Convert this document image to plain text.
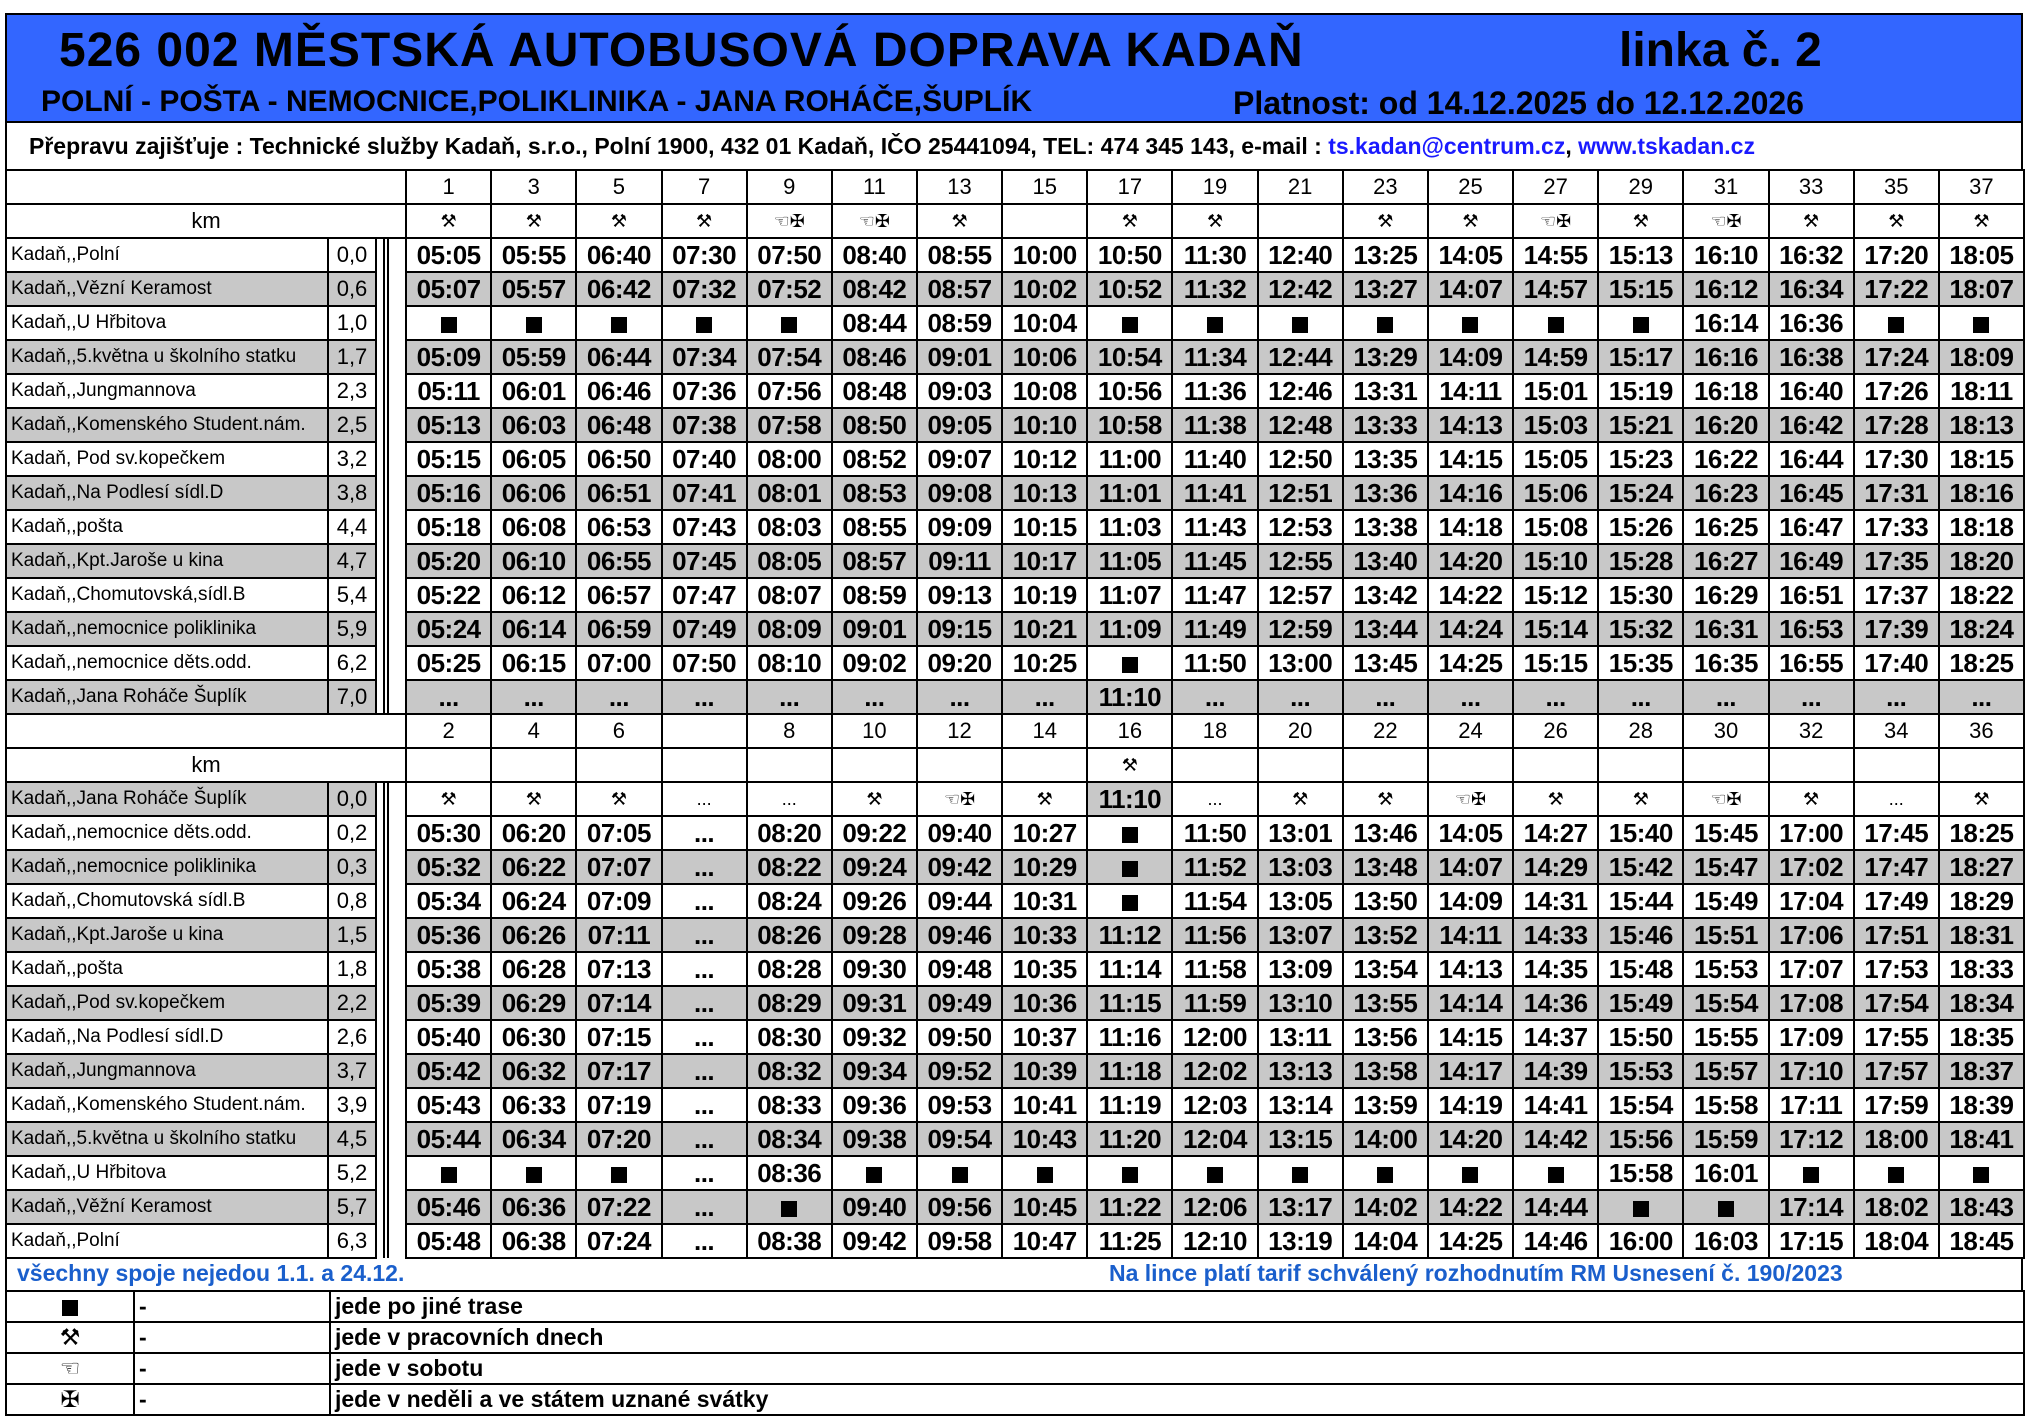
526 002 MĚSTSKÁ AUTOBUSOVÁ DOPRAVA KADAŇ	linka č. 2
POLNÍ - POŠTA - NEMOCNICE,POLIKLINIKA - JANA ROHÁČE,ŠUPLÍK	Platnost: od 14.12.2025 do 12.12.2026
Přepravu zajišťuje : Technické služby Kadaň, s.r.o., Polní 1900, 432 01 Kadaň, IČO 25441094, TEL: 474 345 143, e-mail : ts.kadan@centrum.cz, www.tskadan.cz
			1	3	5	7	9	11	13	15	17	19	21	23	25	27	29	31	33	35	37
km			⚒	⚒	⚒	⚒	☜✠	☜✠	⚒		⚒	⚒		⚒	⚒	☜✠	⚒	☜✠	⚒	⚒	⚒
Kadaň,,Polní	0,0		05:05	05:55	06:40	07:30	07:50	08:40	08:55	10:00	10:50	11:30	12:40	13:25	14:05	14:55	15:13	16:10	16:32	17:20	18:05
Kadaň,,Vězní Keramost	0,6		05:07	05:57	06:42	07:32	07:52	08:42	08:57	10:02	10:52	11:32	12:42	13:27	14:07	14:57	15:15	16:12	16:34	17:22	18:07
Kadaň,,U Hřbitova	1,0							08:44	08:59	10:04								16:14	16:36		
Kadaň,,5.května u školního statku	1,7		05:09	05:59	06:44	07:34	07:54	08:46	09:01	10:06	10:54	11:34	12:44	13:29	14:09	14:59	15:17	16:16	16:38	17:24	18:09
Kadaň,,Jungmannova	2,3		05:11	06:01	06:46	07:36	07:56	08:48	09:03	10:08	10:56	11:36	12:46	13:31	14:11	15:01	15:19	16:18	16:40	17:26	18:11
Kadaň,,Komenského Student.nám.	2,5		05:13	06:03	06:48	07:38	07:58	08:50	09:05	10:10	10:58	11:38	12:48	13:33	14:13	15:03	15:21	16:20	16:42	17:28	18:13
Kadaň, Pod sv.kopečkem	3,2		05:15	06:05	06:50	07:40	08:00	08:52	09:07	10:12	11:00	11:40	12:50	13:35	14:15	15:05	15:23	16:22	16:44	17:30	18:15
Kadaň,,Na Podlesí sídl.D	3,8		05:16	06:06	06:51	07:41	08:01	08:53	09:08	10:13	11:01	11:41	12:51	13:36	14:16	15:06	15:24	16:23	16:45	17:31	18:16
Kadaň,,pošta	4,4		05:18	06:08	06:53	07:43	08:03	08:55	09:09	10:15	11:03	11:43	12:53	13:38	14:18	15:08	15:26	16:25	16:47	17:33	18:18
Kadaň,,Kpt.Jaroše u kina	4,7		05:20	06:10	06:55	07:45	08:05	08:57	09:11	10:17	11:05	11:45	12:55	13:40	14:20	15:10	15:28	16:27	16:49	17:35	18:20
Kadaň,,Chomutovská,sídl.B	5,4		05:22	06:12	06:57	07:47	08:07	08:59	09:13	10:19	11:07	11:47	12:57	13:42	14:22	15:12	15:30	16:29	16:51	17:37	18:22
Kadaň,,nemocnice poliklinika	5,9		05:24	06:14	06:59	07:49	08:09	09:01	09:15	10:21	11:09	11:49	12:59	13:44	14:24	15:14	15:32	16:31	16:53	17:39	18:24
Kadaň,,nemocnice děts.odd.	6,2		05:25	06:15	07:00	07:50	08:10	09:02	09:20	10:25		11:50	13:00	13:45	14:25	15:15	15:35	16:35	16:55	17:40	18:25
Kadaň,,Jana Roháče Šuplík	7,0		...	...	...	...	...	...	...	...	11:10	...	...	...	...	...	...	...	...	...	...
			2	4	6		8	10	12	14	16	18	20	22	24	26	28	30	32	34	36
km											⚒										
Kadaň,,Jana Roháče Šuplík	0,0		⚒	⚒	⚒	...	...	⚒	☜✠	⚒	11:10	...	⚒	⚒	☜✠	⚒	⚒	☜✠	⚒	...	⚒
Kadaň,,nemocnice děts.odd.	0,2		05:30	06:20	07:05	...	08:20	09:22	09:40	10:27		11:50	13:01	13:46	14:05	14:27	15:40	15:45	17:00	17:45	18:25
Kadaň,,nemocnice poliklinika	0,3		05:32	06:22	07:07	...	08:22	09:24	09:42	10:29		11:52	13:03	13:48	14:07	14:29	15:42	15:47	17:02	17:47	18:27
Kadaň,,Chomutovská sídl.B	0,8		05:34	06:24	07:09	...	08:24	09:26	09:44	10:31		11:54	13:05	13:50	14:09	14:31	15:44	15:49	17:04	17:49	18:29
Kadaň,,Kpt.Jaroše u kina	1,5		05:36	06:26	07:11	...	08:26	09:28	09:46	10:33	11:12	11:56	13:07	13:52	14:11	14:33	15:46	15:51	17:06	17:51	18:31
Kadaň,,pošta	1,8		05:38	06:28	07:13	...	08:28	09:30	09:48	10:35	11:14	11:58	13:09	13:54	14:13	14:35	15:48	15:53	17:07	17:53	18:33
Kadaň,,Pod sv.kopečkem	2,2		05:39	06:29	07:14	...	08:29	09:31	09:49	10:36	11:15	11:59	13:10	13:55	14:14	14:36	15:49	15:54	17:08	17:54	18:34
Kadaň,,Na Podlesí sídl.D	2,6		05:40	06:30	07:15	...	08:30	09:32	09:50	10:37	11:16	12:00	13:11	13:56	14:15	14:37	15:50	15:55	17:09	17:55	18:35
Kadaň,,Jungmannova	3,7		05:42	06:32	07:17	...	08:32	09:34	09:52	10:39	11:18	12:02	13:13	13:58	14:17	14:39	15:53	15:57	17:10	17:57	18:37
Kadaň,,Komenského Student.nám.	3,9		05:43	06:33	07:19	...	08:33	09:36	09:53	10:41	11:19	12:03	13:14	13:59	14:19	14:41	15:54	15:58	17:11	17:59	18:39
Kadaň,,5.května u školního statku	4,5		05:44	06:34	07:20	...	08:34	09:38	09:54	10:43	11:20	12:04	13:15	14:00	14:20	14:42	15:56	15:59	17:12	18:00	18:41
Kadaň,,U Hřbitova	5,2					...	08:36										15:58	16:01			
Kadaň,,Věžní Keramost	5,7		05:46	06:36	07:22	...		09:40	09:56	10:45	11:22	12:06	13:17	14:02	14:22	14:44			17:14	18:02	18:43
Kadaň,,Polní	6,3		05:48	06:38	07:24	...	08:38	09:42	09:58	10:47	11:25	12:10	13:19	14:04	14:25	14:46	16:00	16:03	17:15	18:04	18:45
všechny spoje nejedou 1.1. a 24.12.	Na lince platí tarif schválený rozhodnutím RM Usnesení č. 190/2023
	-	jede po jiné trase
⚒	-	jede v pracovních dnech
☜	-	jede v sobotu
✠	-	jede v neděli a ve státem uznané svátky
